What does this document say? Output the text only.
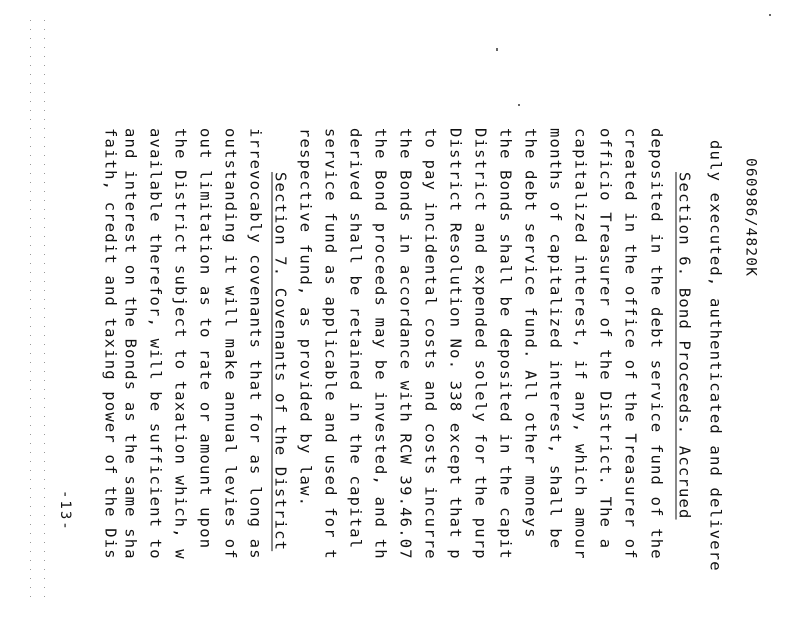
-13-
060986/4820K
duly executed, authenticated and delivere
Section 6. Bond Proceeds. Accrued
deposited in the debt service fund of the
created in the office of the Treasurer of
officio Treasurer of the District. The a
capitalized interest, if any, which amour
months of capitalized interest, shall be
the debt service fund. All other moneys
the Bonds shall be deposited in the capit
District and expended solely for the purp
District Resolution No. 338 except that p
to pay incidental costs and costs incurre
the Bonds in accordance with RCW 39.46.07
the Bond proceeds may be invested, and th
derived shall be retained in the capital
service fund as applicable and used for t
respective fund, as provided by law.
Section 7. Covenants of the District
irrevocably covenants that for as long as
outstanding it will make annual levies of
out limitation as to rate or amount upon
the District subject to taxation which, w
available therefor, will be sufficient to
and interest on the Bonds as the same sha
faith, credit and taxing power of the Dis
